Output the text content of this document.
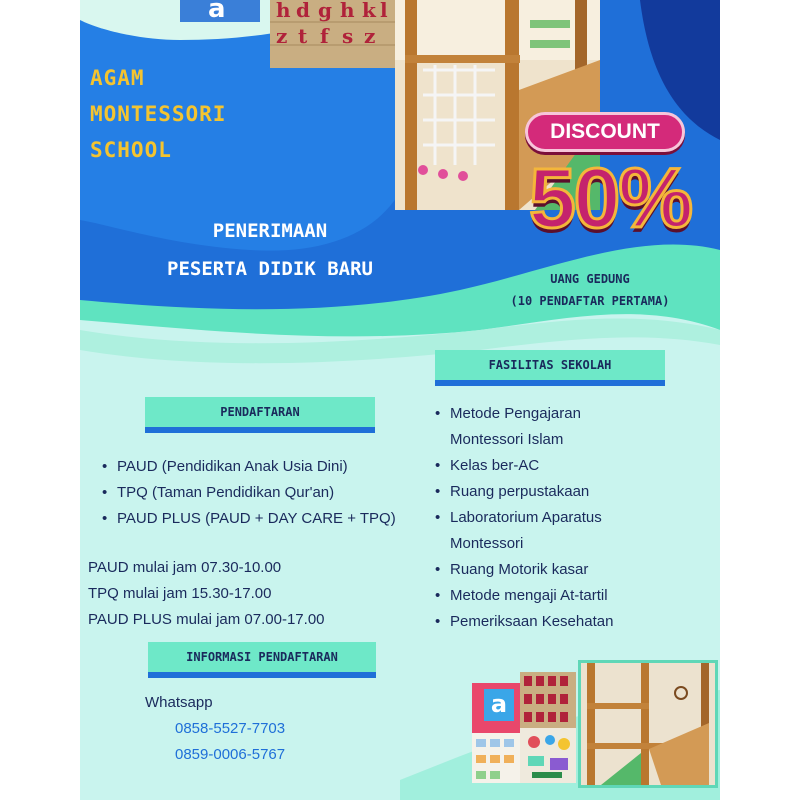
a	h d g h k l
z t f s z
AGAM
MONTESSORI
SCHOOL
PENERIMAAN
PESERTA DIDIK BARU
DISCOUNT
50%
UANG GEDUNG
(10 PENDAFTAR PERTAMA)
FASILITAS SEKOLAH
• Metode Pengajaran
Montessori Islam
• Kelas ber-AC
• Ruang perpustakaan
• Laboratorium Aparatus
Montessori
• Ruang Motorik kasar
• Metode mengaji At-tartil
• Pemeriksaan Kesehatan
PENDAFTARAN
• PAUD (Pendidikan Anak Usia Dini)
• TPQ (Taman Pendidikan Qur'an)
• PAUD PLUS (PAUD + DAY CARE + TPQ)
PAUD mulai jam 07.30-10.00
TPQ mulai jam 15.30-17.00
PAUD PLUS mulai jam 07.00-17.00
INFORMASI PENDAFTARAN
Whatsapp
0858-5527-7703
0859-0006-5767
a
